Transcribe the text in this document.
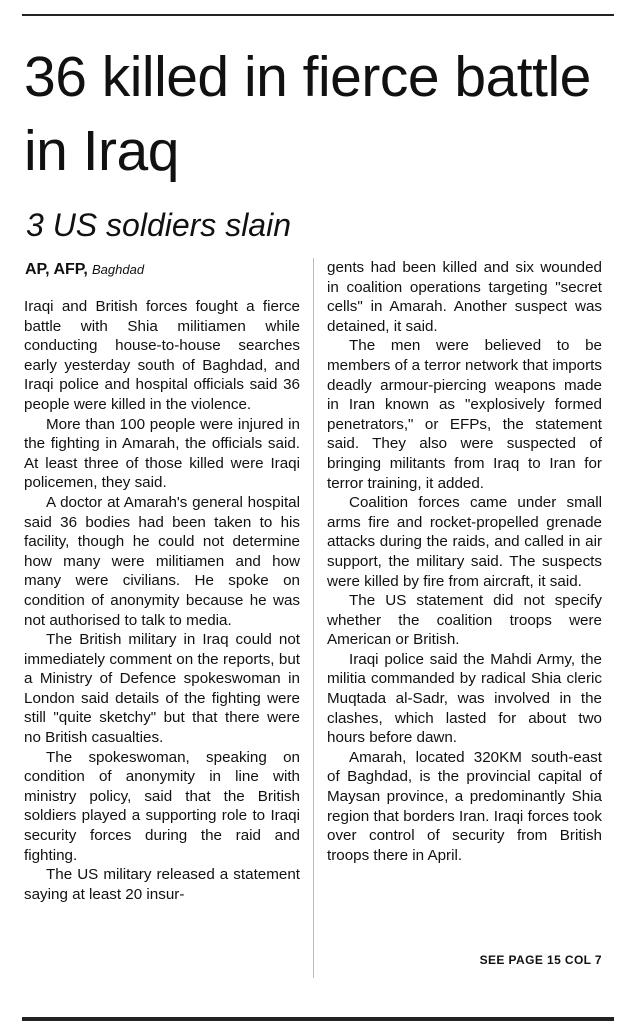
36 killed in fierce battle in Iraq
3 US soldiers slain
AP, AFP, Baghdad

Iraqi and British forces fought a fierce battle with Shia militiamen while conducting house-to-house searches early yesterday south of Baghdad, and Iraqi police and hospital officials said 36 people were killed in the violence.

More than 100 people were injured in the fighting in Amarah, the officials said. At least three of those killed were Iraqi policemen, they said.

A doctor at Amarah's general hospital said 36 bodies had been taken to his facility, though he could not determine how many were militiamen and how many were civilians. He spoke on condition of anonymity because he was not authorised to talk to media.

The British military in Iraq could not immediately comment on the reports, but a Ministry of Defence spokeswoman in London said details of the fighting were still "quite sketchy" but that there were no British casualties.

The spokeswoman, speaking on condition of anonymity in line with ministry policy, said that the British soldiers played a supporting role to Iraqi security forces during the raid and fighting.

The US military released a statement saying at least 20 insur-

gents had been killed and six wounded in coalition operations targeting "secret cells" in Amarah. Another suspect was detained, it said.

The men were believed to be members of a terror network that imports deadly armour-piercing weapons made in Iran known as "explosively formed penetrators," or EFPs, the statement said. They also were suspected of bringing militants from Iraq to Iran for terror training, it added.

Coalition forces came under small arms fire and rocket-propelled grenade attacks during the raids, and called in air support, the military said. The suspects were killed by fire from aircraft, it said.

The US statement did not specify whether the coalition troops were American or British.

Iraqi police said the Mahdi Army, the militia commanded by radical Shia cleric Muqtada al-Sadr, was involved in the clashes, which lasted for about two hours before dawn.

Amarah, located 320KM south-east of Baghdad, is the provincial capital of Maysan province, a predominantly Shia region that borders Iran. Iraqi forces took over control of security from British troops there in April.

SEE PAGE 15 COL 7
